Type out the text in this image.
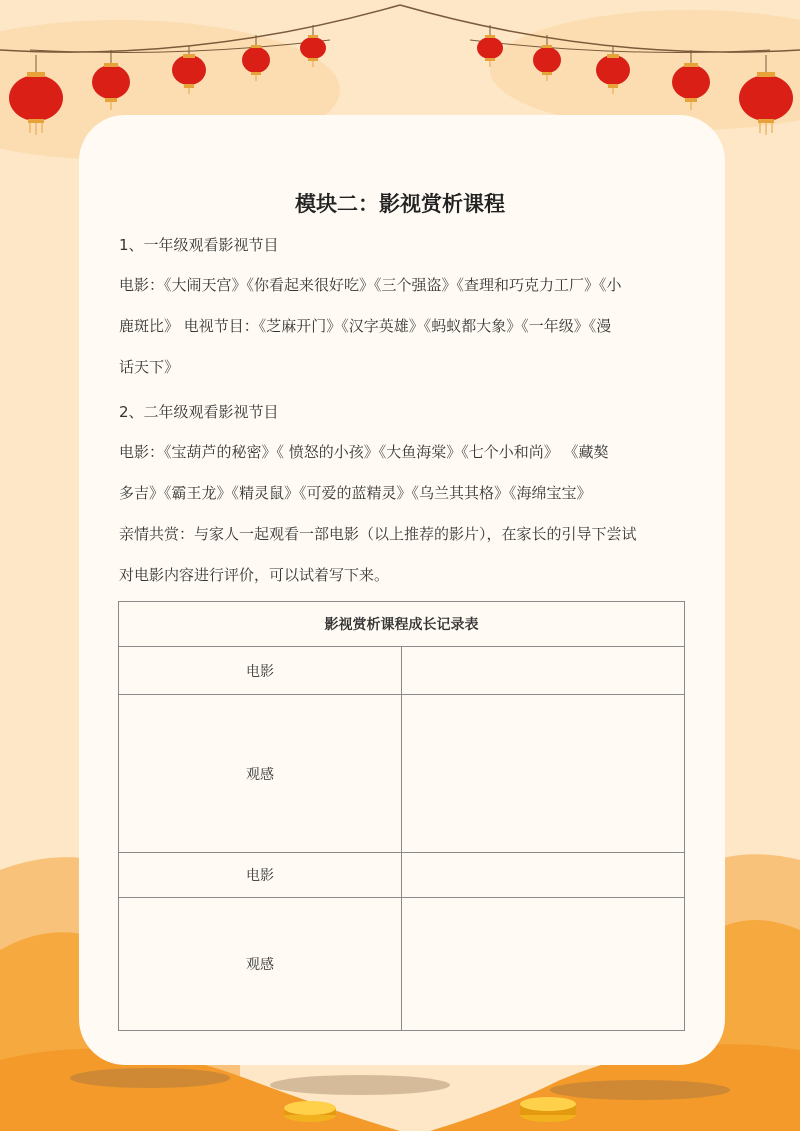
模块二：影视赏析课程
1、一年级观看影视节目
电影：《大闹天宫》《你看起来很好吃》《三个强盗》《查理和巧克力工厂》《小
鹿斑比》 电视节目：《芝麻开门》《汉字英雄》《蚂蚁都大象》《一年级》《漫
话天下》
2、二年级观看影视节目
电影：《宝葫芦的秘密》《 愤怒的小孩》《大鱼海棠》《七个小和尚》 《藏獒
多吉》《霸王龙》《精灵鼠》《可爱的蓝精灵》《乌兰其其格》《海绵宝宝》
亲情共赏：与家人一起观看一部电影（以上推荐的影片），在家长的引导下尝试
对电影内容进行评价，可以试着写下来。
影视赏析课程成长记录表	
电影	
观感	
电影	
观感	
